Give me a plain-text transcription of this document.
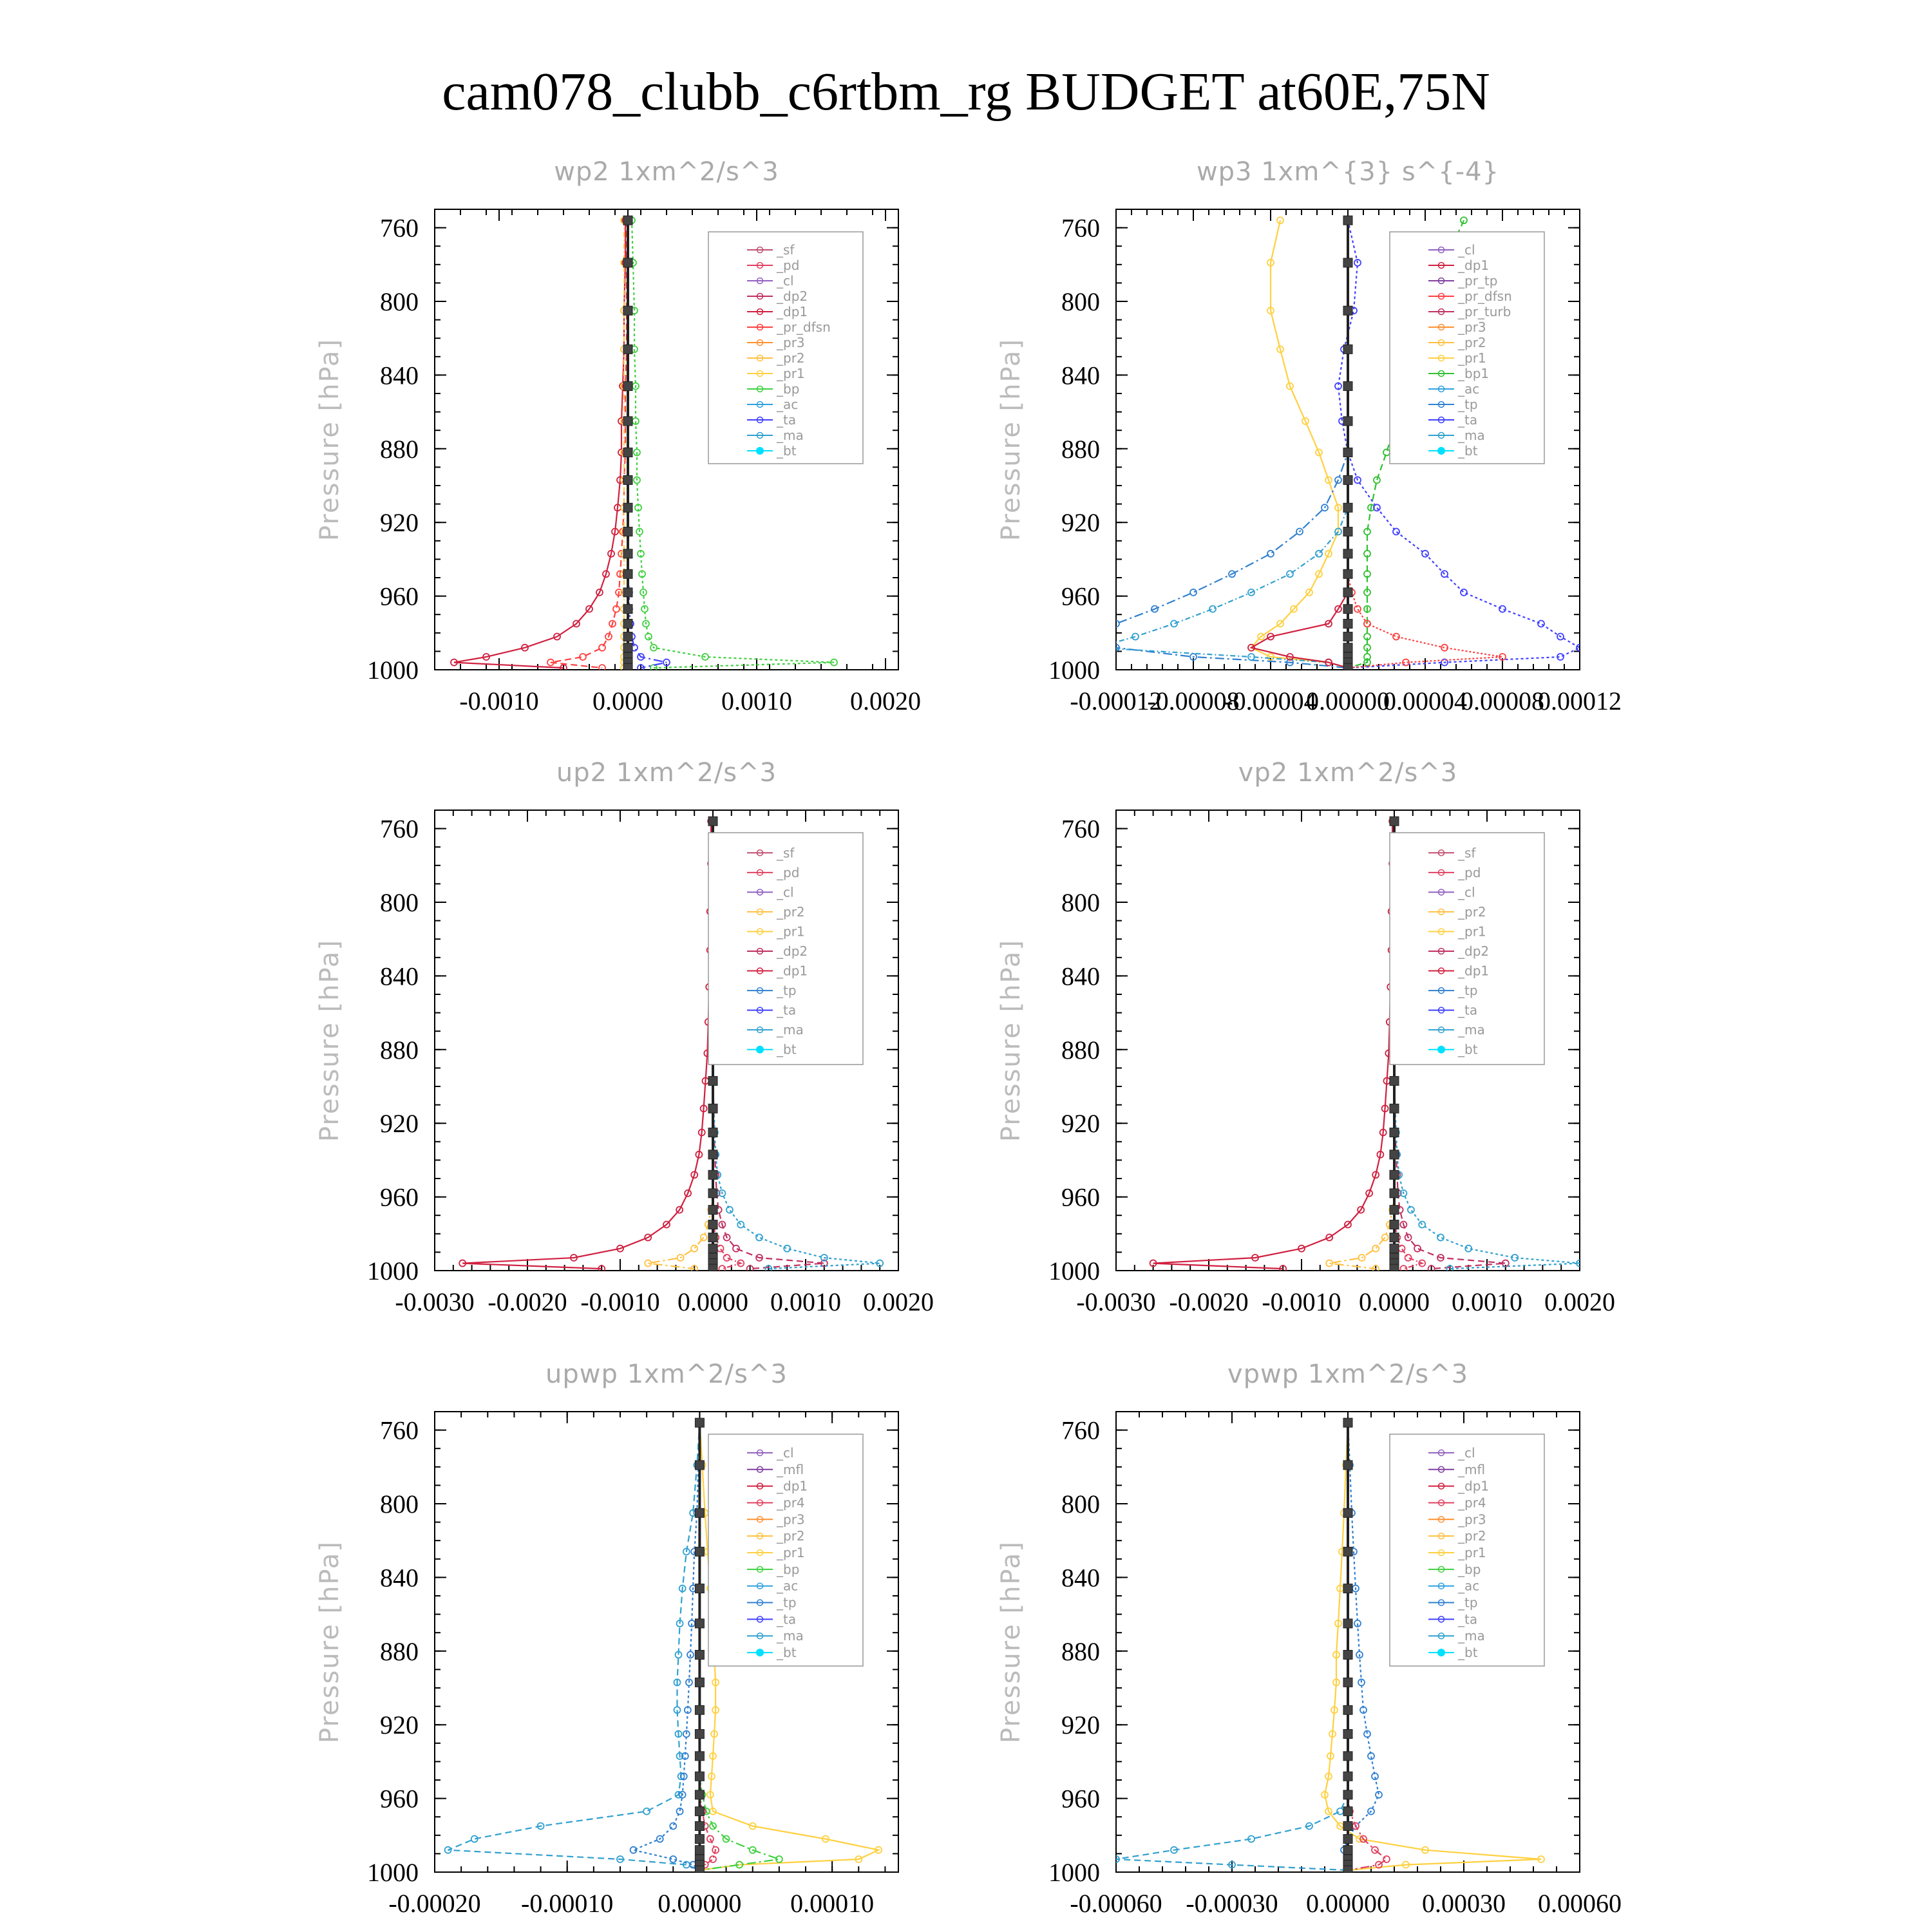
cam078_clubb_c6rtbm_rg BUDGET at60E,75N
wp2 1xm^2/s^3
Pressure [hPa]
760
800
840
880
920
960
1000
-0.0010 0.0000 0.0010 0.0020
_sf
_pd
_cl
_dp2
_dp1
_pr_dfsn
_pr3
_pr2
_pr1
_bp
_ac
_ta
_ma
_bt
wp3 1xm^{3} s^{-4}
Pressure [hPa]
760
800
840
880
920
960
1000
-0.00012
-0.00008
-0.00004
0.00000
0.00004
0.00008
0.00012
_cl
_dp1
_pr_tp
_pr_dfsn
_pr_turb
_pr3
_pr2
_pr1
_bp1
_ac
_tp
_ta
_ma
_bt
up2 1xm^2/s^3
Pressure [hPa]
760
800
840
880
920
960
1000
-0.0030 -0.0020 -0.0010 0.0000 0.0010 0.0020
_sf
_pd
_cl
_pr2
_pr1
_dp2
_dp1
_tp
_ta
_ma
_bt
vp2 1xm^2/s^3
Pressure [hPa]
760
800
840
880
920
960
1000
-0.0030 -0.0020 -0.0010 0.0000 0.0010 0.0020
_sf
_pd
_cl
_pr2
_pr1
_dp2
_dp1
_tp
_ta
_ma
_bt
upwp 1xm^2/s^3
Pressure [hPa]
760
800
840
880
920
960
1000
-0.00020 -0.00010 0.00000 0.00010
_cl
_mfl
_dp1
_pr4
_pr3
_pr2
_pr1
_bp
_ac
_tp
_ta
_ma
_bt
vpwp 1xm^2/s^3
Pressure [hPa]
760
800
840
880
920
960
1000
-0.00060 -0.00030 0.00000 0.00030 0.00060
_cl
_mfl
_dp1
_pr4
_pr3
_pr2
_pr1
_bp
_ac
_tp
_ta
_ma
_bt
